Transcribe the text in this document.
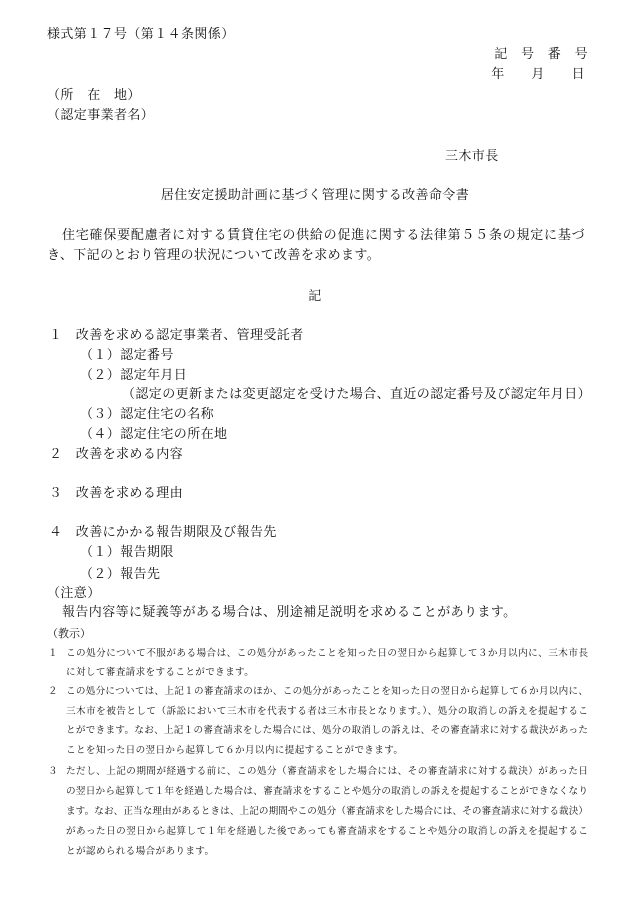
様式第１７号（第１４条関係）
記　号　番　号
年　　月　　日
（所　在　地）
（認定事業者名）
三木市長
居住安定援助計画に基づく管理に関する改善命令書
住宅確保要配慮者に対する賃貸住宅の供給の促進に関する法律第５５条の規定に基づ
き、下記のとおり管理の状況について改善を求めます。
記
１　改善を求める認定事業者、管理受託者
（１）認定番号
（２）認定年月日
（認定の更新または変更認定を受けた場合、直近の認定番号及び認定年月日）
（３）認定住宅の名称
（４）認定住宅の所在地
２　改善を求める内容
３　改善を求める理由
４　改善にかかる報告期限及び報告先
（１）報告期限
（２）報告先
（注意）
報告内容等に疑義等がある場合は、別途補足説明を求めることがあります。
（教示）
１ この処分について不服がある場合は、この処分があったことを知った日の翌日から起算して３か月以内に、三木市長
に対して審査請求をすることができます。
２ この処分については、上記１の審査請求のほか、この処分があったことを知った日の翌日から起算して６か月以内に、
三木市を被告として（訴訟において三木市を代表する者は三木市長となります。）、処分の取消しの訴えを提起するこ
とができます。なお、上記１の審査請求をした場合には、処分の取消しの訴えは、その審査請求に対する裁決があった
ことを知った日の翌日から起算して６か月以内に提起することができます。
３ ただし、上記の期間が経過する前に、この処分（審査請求をした場合には、その審査請求に対する裁決）があった日
の翌日から起算して１年を経過した場合は、審査請求をすることや処分の取消しの訴えを提起することができなくなり
ます。なお、正当な理由があるときは、上記の期間やこの処分（審査請求をした場合には、その審査請求に対する裁決）
があった日の翌日から起算して１年を経過した後であっても審査請求をすることや処分の取消しの訴えを提起するこ
とが認められる場合があります。
